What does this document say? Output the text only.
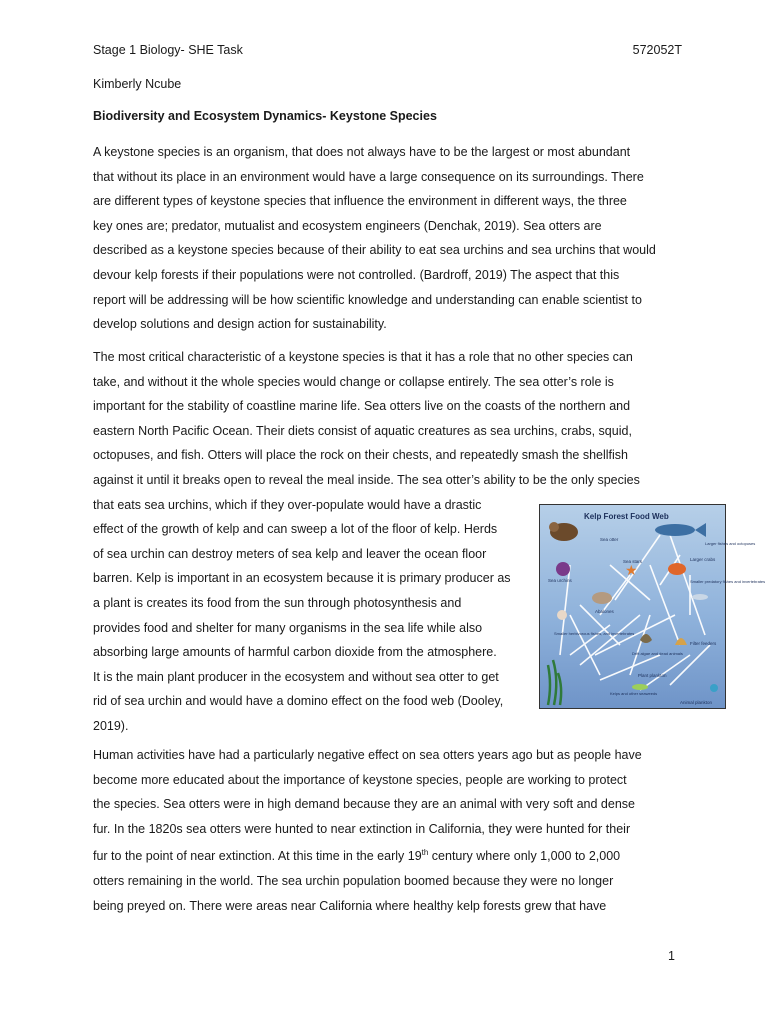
Stage 1 Biology- SHE Task	572052T
Kimberly Ncube
Biodiversity and Ecosystem Dynamics- Keystone Species
A keystone species is an organism, that does not always have to be the largest or most abundant
that without its place in an environment would have a large consequence on its surroundings. There
are different types of keystone species that influence the environment in different ways, the three
key ones are; predator, mutualist and ecosystem engineers (Denchak, 2019). Sea otters are
described as a keystone species because of their ability to eat sea urchins and sea urchins that would
devour kelp forests if their populations were not controlled. (Bardroff, 2019) The aspect that this
report will be addressing will be how scientific knowledge and understanding can enable scientist to
develop solutions and design action for sustainability.
The most critical characteristic of a keystone species is that it has a role that no other species can
take, and without it the whole species would change or collapse entirely. The sea otter’s role is
important for the stability of coastline marine life. Sea otters live on the coasts of the northern and
eastern North Pacific Ocean. Their diets consist of aquatic creatures as sea urchins, crabs, squid,
octopuses, and fish. Otters will place the rock on their chests, and repeatedly smash the shellfish
against it until it breaks open to reveal the meal inside. The sea otter’s ability to be the only species
that eats sea urchins, which if they over-populate would have a drastic
effect of the growth of kelp and can sweep a lot of the floor of kelp. Herds
of sea urchin can destroy meters of sea kelp and leaver the ocean floor
barren. Kelp is important in an ecosystem because it is primary producer as
a plant is creates its food from the sun through photosynthesis and
provides food and shelter for many organisms in the sea life while also
absorbing large amounts of harmful carbon dioxide from the atmosphere.
It is the main plant producer in the ecosystem and without sea otter to get
rid of sea urchin and would have a domino effect on the food web (Dooley,
2019).
Kelp Forest Food Web
Sea otter
Larger fishes and octopuses
★
Sea stars	Larger crabs
Sea urchins	Smaller predatory fishes and invertebrates
Abalones
Smaller herbivorous fishes, and invertebrates
Drift algae and dead animals
Filter feeders
Plant plankton
Kelps and other seaweeds
Animal plankton
Human activities have had a particularly negative effect on sea otters years ago but as people have
become more educated about the importance of keystone species, people are working to protect
the species. Sea otters were in high demand because they are an animal with very soft and dense
fur. In the 1820s sea otters were hunted to near extinction in California, they were hunted for their
fur to the point of near extinction. At this time in the early 19th century where only 1,000 to 2,000
otters remaining in the world. The sea urchin population boomed because they were no longer
being preyed on. There were areas near California where healthy kelp forests grew that have
1
